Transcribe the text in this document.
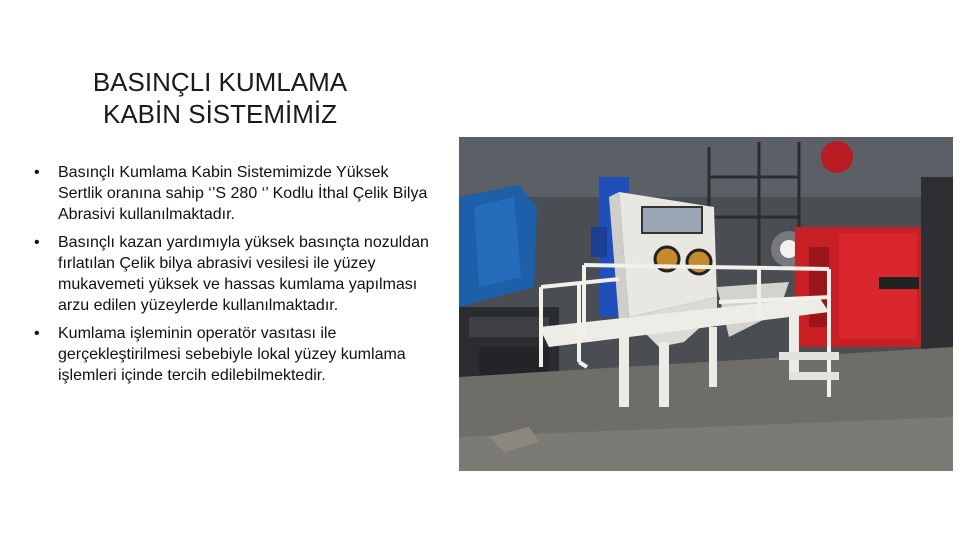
BASINÇLI KUMLAMA
KABİN SİSTEMİMİZ
• Basınçlı Kumlama Kabin Sistemimizde Yüksek Sertlik oranına sahip ‘’S 280 ‘’ Kodlu İthal Çelik Bilya Abrasivi kullanılmaktadır.
• Basınçlı kazan yardımıyla yüksek basınçta nozuldan fırlatılan Çelik bilya abrasivi vesilesi ile yüzey mukavemeti yüksek ve hassas kumlama yapılması arzu edilen yüzeylerde kullanılmaktadır.
• Kumlama işleminin operatör vasıtası ile gerçekleştirilmesi sebebiyle lokal yüzey kumlama işlemleri içinde tercih edilebilmektedir.
